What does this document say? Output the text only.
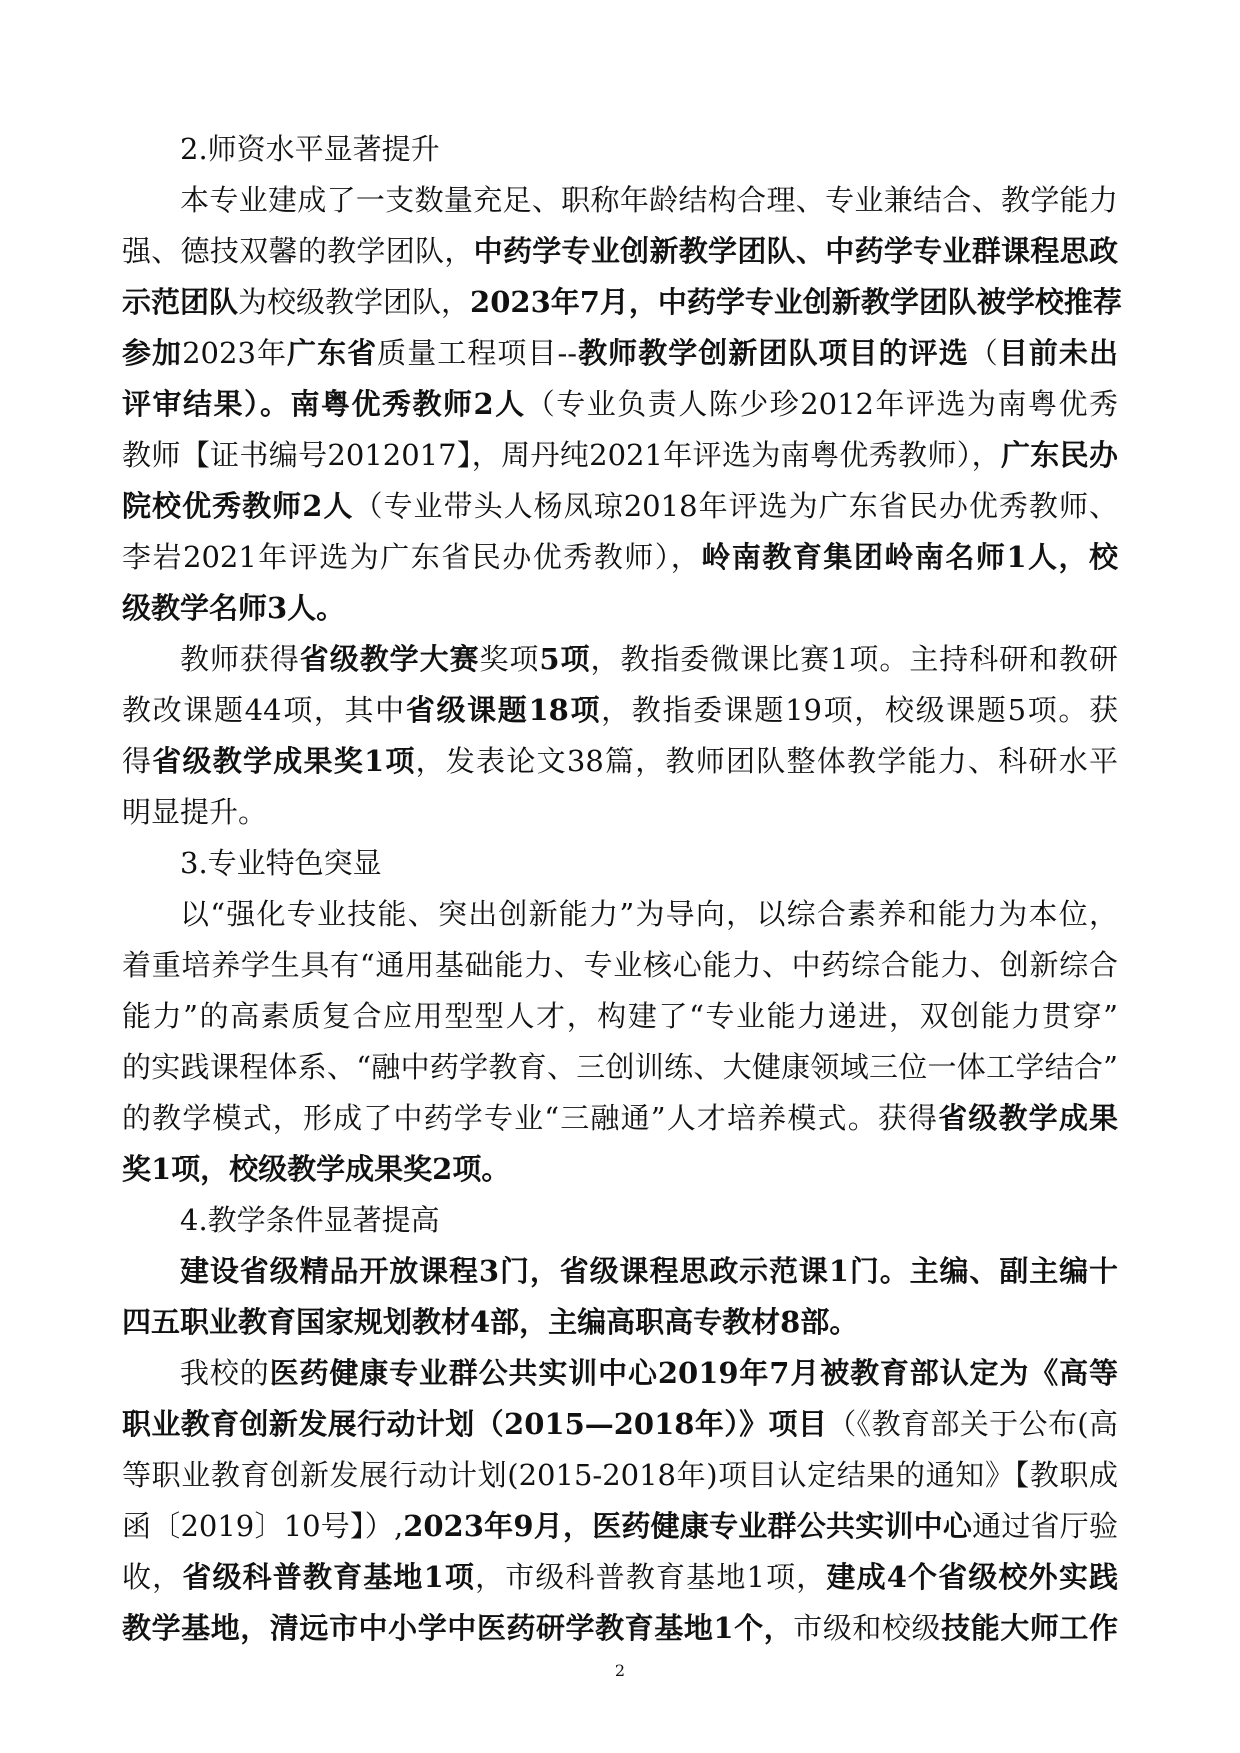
2.师资水平显著提升
本专业建成了一支数量充足、职称年龄结构合理、专业兼结合、教学能力
强、德技双馨的教学团队，中药学专业创新教学团队、中药学专业群课程思政
示范团队为校级教学团队，2023年7月，中药学专业创新教学团队被学校推荐
参加2023年广东省质量工程项目--教师教学创新团队项目的评选（目前未出
评审结果）。南粤优秀教师2人（专业负责人陈少珍2012年评选为南粤优秀
教师【证书编号2012017】，周丹纯2021年评选为南粤优秀教师），广东民办
院校优秀教师2人（专业带头人杨凤琼2018年评选为广东省民办优秀教师、
李岩2021年评选为广东省民办优秀教师），岭南教育集团岭南名师1人，校
级教学名师3人。
教师获得省级教学大赛奖项5项，教指委微课比赛1项。主持科研和教研
教改课题44项，其中省级课题18项，教指委课题19项，校级课题5项。获
得省级教学成果奖1项，发表论文38篇，教师团队整体教学能力、科研水平
明显提升。
3.专业特色突显
以“强化专业技能、突出创新能力”为导向，以综合素养和能力为本位，
着重培养学生具有“通用基础能力、专业核心能力、中药综合能力、创新综合
能力”的高素质复合应用型型人才，构建了“专业能力递进，双创能力贯穿”
的实践课程体系、“融中药学教育、三创训练、大健康领域三位一体工学结合”
的教学模式，形成了中药学专业“三融通”人才培养模式。获得省级教学成果
奖1项，校级教学成果奖2项。
4.教学条件显著提高
建设省级精品开放课程3门，省级课程思政示范课1门。主编、副主编十
四五职业教育国家规划教材4部，主编高职高专教材8部。
我校的医药健康专业群公共实训中心2019年7月被教育部认定为《高等
职业教育创新发展行动计划（2015—2018年）》项目（《教育部关于公布(高
等职业教育创新发展行动计划(2015-2018年)项目认定结果的通知》【教职成
函〔2019〕10号】）,2023年9月，医药健康专业群公共实训中心通过省厅验
收，省级科普教育基地1项，市级科普教育基地1项，建成4个省级校外实践
教学基地，清远市中小学中医药研学教育基地1个，市级和校级技能大师工作
2
